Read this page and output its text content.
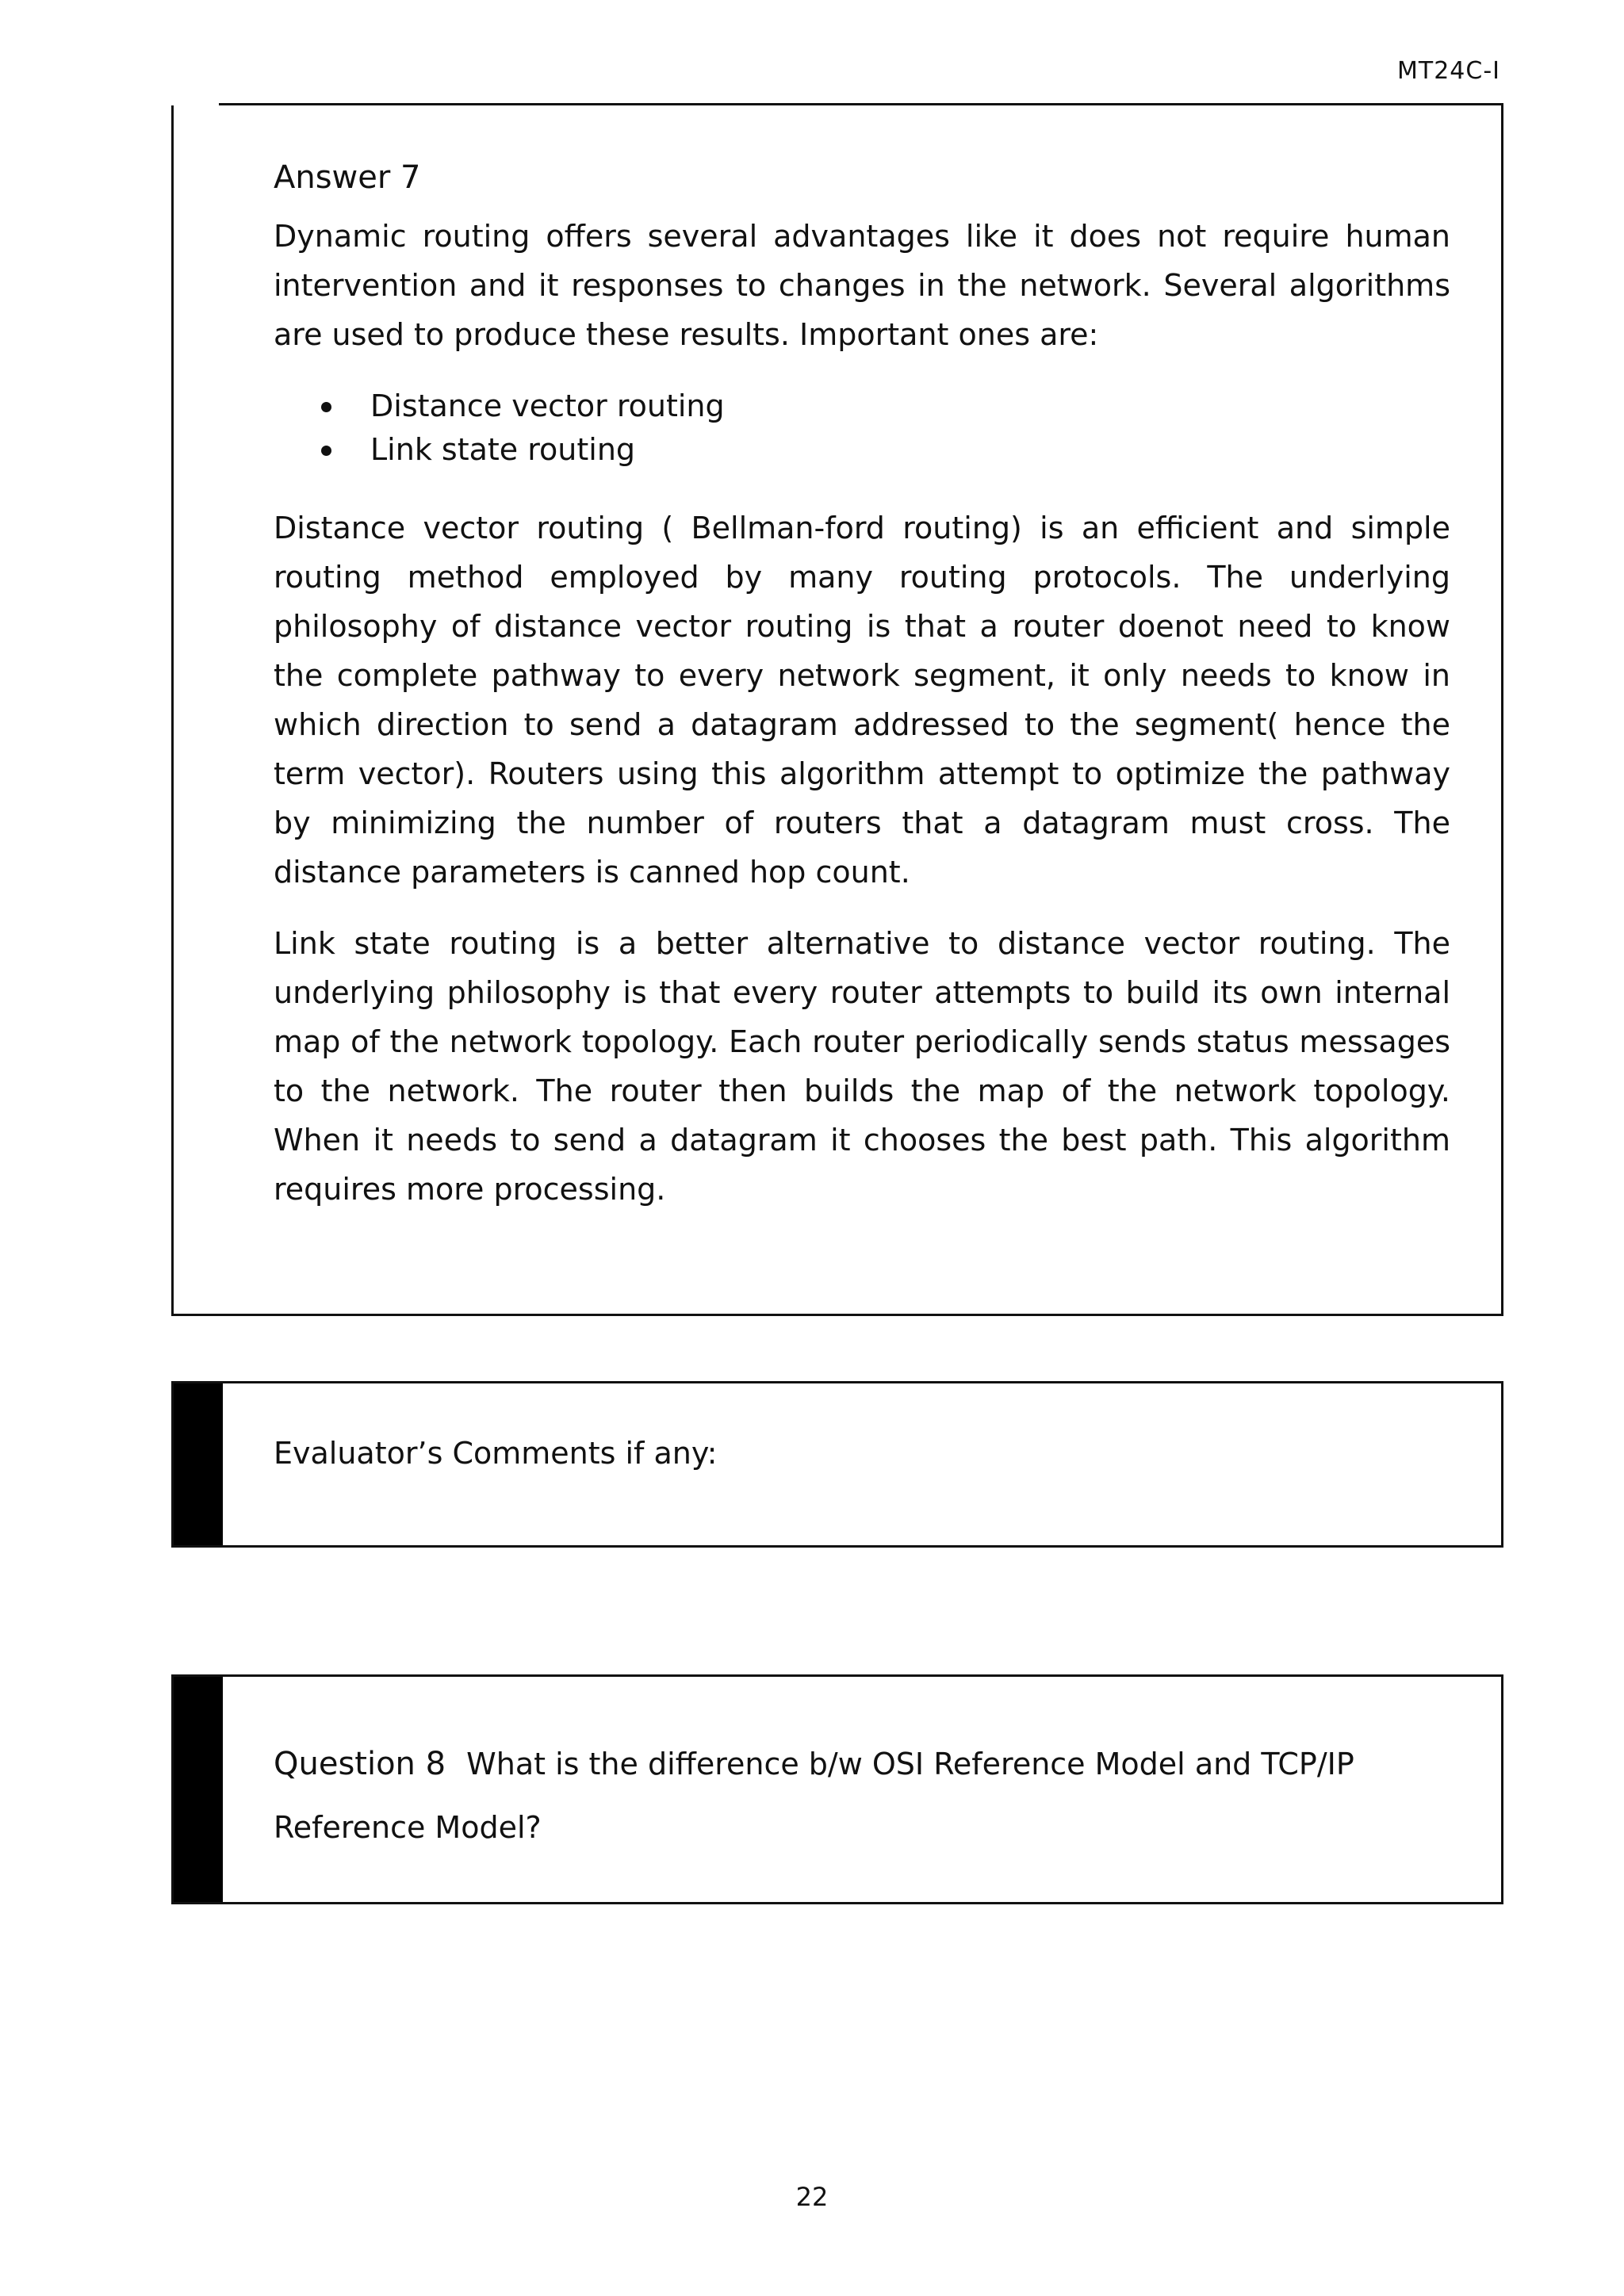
MT24C-I
Answer 7

Dynamic routing offers several advantages like it does not require human intervention and it responses to changes in the network. Several algorithms are used to produce these results. Important ones are:

Distance vector routing
Link state routing

Distance vector routing ( Bellman-ford routing) is an efficient and simple routing method employed by many routing protocols. The underlying philosophy of distance vector routing is that a router doenot need to know the complete pathway to every network segment, it only needs to know in which direction to send a datagram addressed to the segment( hence the term vector). Routers using this algorithm attempt to optimize the pathway by minimizing the number of routers that a datagram must cross. The distance parameters is canned hop count.

Link state routing is a better alternative to distance vector routing. The underlying philosophy is that every router attempts to build its own internal map of the network topology. Each router periodically sends status messages to the network. The router then builds the map of the network topology. When it needs to send a datagram it chooses the best path. This algorithm requires more processing.

Evaluator’s Comments if any:
Question 8 What is the difference b/w OSI Reference Model and TCP/IP Reference Model?
22
